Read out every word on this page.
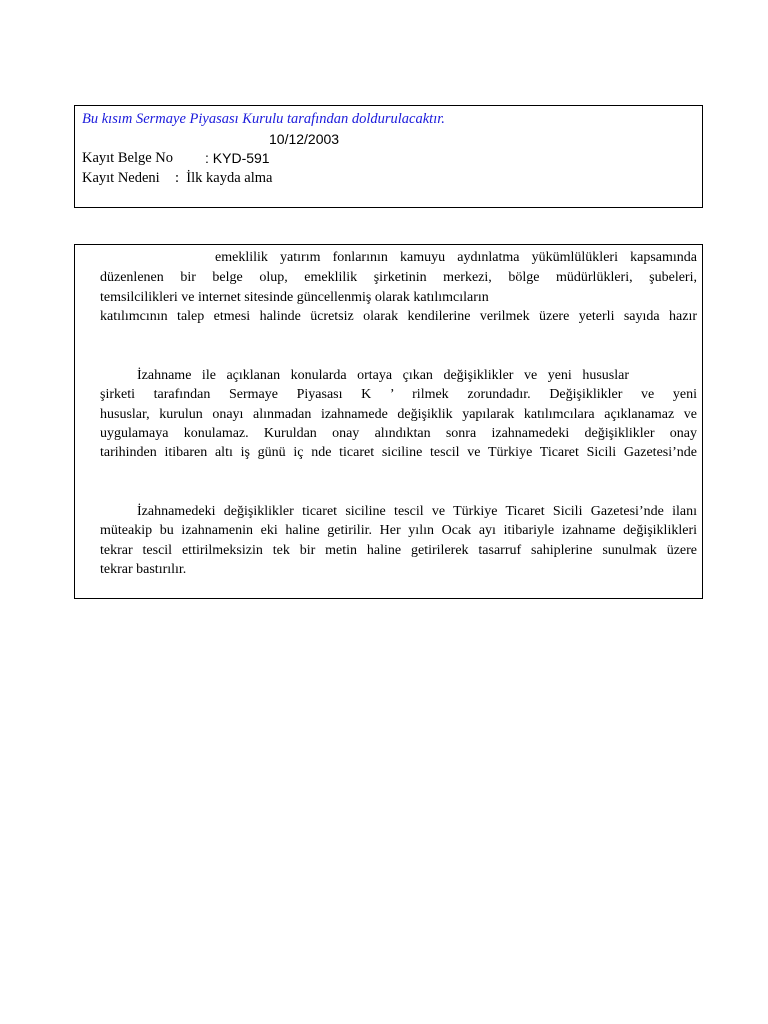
Bu kısım Sermaye Piyasası Kurulu tarafından doldurulacaktır.
10/12/2003
Kayıt Belge No : KYD-591
Kayıt Nedeni :  İlk kayda alma
emeklilik yatırım fonlarının kamuyu aydınlatma yükümlülükleri kapsamında
düzenlenen bir belge olup, emeklilik şirketinin merkezi, bölge müdürlükleri, şubeleri,
temsilcilikleri ve internet sitesinde güncellenmiş olarak katılımcıların
katılımcının talep etmesi halinde ücretsiz olarak kendilerine verilmek üzere yeterli sayıda hazır
İzahname ile açıklanan konularda ortaya çıkan değişiklikler ve yeni hususlar
şirketi tarafından Sermaye Piyasası K ’ rilmek zorundadır. Değişiklikler ve yeni
hususlar, kurulun onayı alınmadan izahnamede değişiklik yapılarak katılımcılara açıklanamaz ve
uygulamaya konulamaz. Kuruldan onay alındıktan sonra izahnamedeki değişiklikler onay
tarihinden itibaren altı iş günü iç nde ticaret siciline tescil ve Türkiye Ticaret Sicili Gazetesi’nde
İzahnamedeki değişiklikler ticaret siciline tescil ve Türkiye Ticaret Sicili Gazetesi’nde ilanı
müteakip bu izahnamenin eki haline getirilir. Her yılın Ocak ayı itibariyle izahname değişiklikleri
tekrar tescil ettirilmeksizin tek bir metin haline getirilerek tasarruf sahiplerine sunulmak üzere
tekrar bastırılır.
